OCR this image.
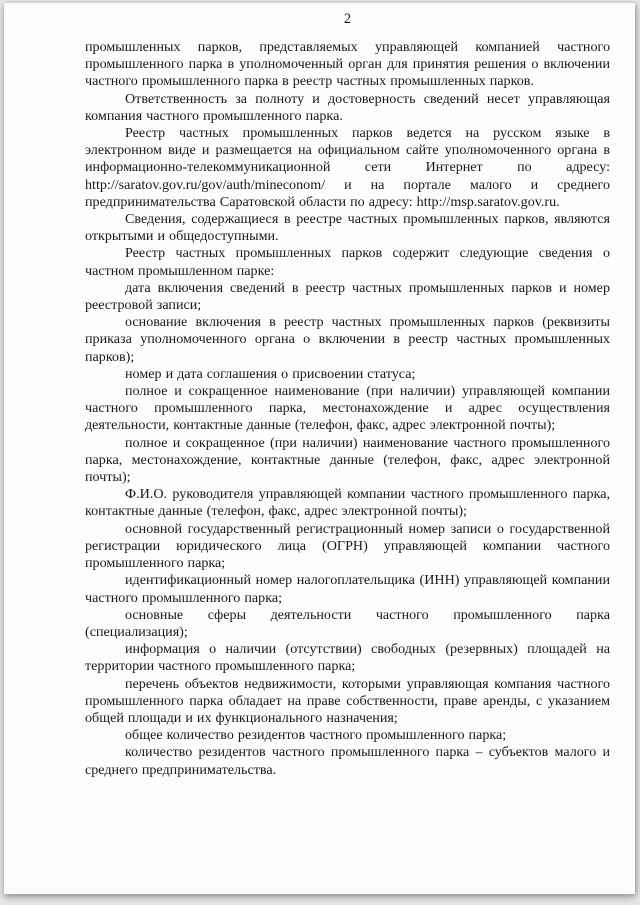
2

промышленных парков, представляемых управляющей компанией частного промышленного парка в уполномоченный орган для принятия решения о включении частного промышленного парка в реестр частных промышленных парков.

Ответственность за полноту и достоверность сведений несет управляющая компания частного промышленного парка.

Реестр частных промышленных парков ведется на русском языке в электронном виде и размещается на официальном сайте уполномоченного органа в информационно-телекоммуникационной сети Интернет по адресу: http://saratov.gov.ru/gov/auth/mineconom/ и на портале малого и среднего предпринимательства Саратовской области по адресу: http://msp.saratov.gov.ru.

Сведения, содержащиеся в реестре частных промышленных парков, являются открытыми и общедоступными.

Реестр частных промышленных парков содержит следующие сведения о частном промышленном парке:

дата включения сведений в реестр частных промышленных парков и номер реестровой записи;

основание включения в реестр частных промышленных парков (реквизиты приказа уполномоченного органа о включении в реестр частных промышленных парков);

номер и дата соглашения о присвоении статуса;

полное и сокращенное наименование (при наличии) управляющей компании частного промышленного парка, местонахождение и адрес осуществления деятельности, контактные данные (телефон, факс, адрес электронной почты);

полное и сокращенное (при наличии) наименование частного промышленного парка, местонахождение, контактные данные (телефон, факс, адрес электронной почты);

Ф.И.О. руководителя управляющей компании частного промышленного парка, контактные данные (телефон, факс, адрес электронной почты);

основной государственный регистрационный номер записи о государственной регистрации юридического лица (ОГРН) управляющей компании частного промышленного парка;

идентификационный номер налогоплательщика (ИНН) управляющей компании частного промышленного парка;

основные сферы деятельности частного промышленного парка (специализация);

информация о наличии (отсутствии) свободных (резервных) площадей на территории частного промышленного парка;

перечень объектов недвижимости, которыми управляющая компания частного промышленного парка обладает на праве собственности, праве аренды, с указанием общей площади и их функционального назначения;

общее количество резидентов частного промышленного парка;

количество резидентов частного промышленного парка – субъектов малого и среднего предпринимательства.
